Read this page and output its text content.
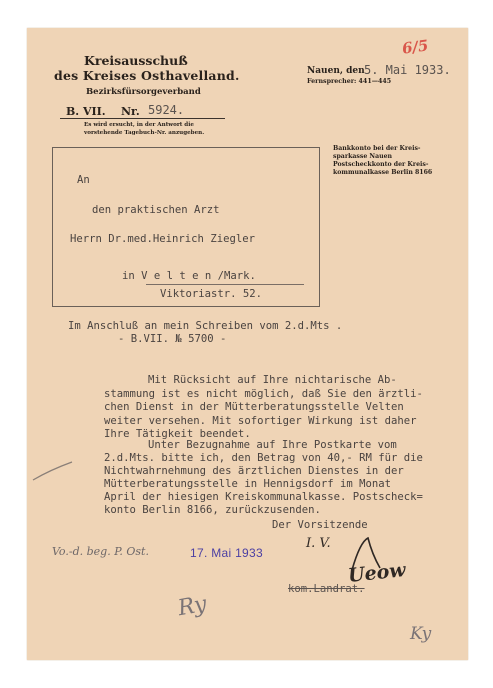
Kreisausschuß
des Kreises Osthavelland.
Bezirksfürsorgeverband
B. VII. Nr. 5924.
Es wird ersucht, in der Antwort die
vorstehende Tagebuch-Nr. anzugeben.
Nauen, den 5. Mai 1933.
Fernsprecher: 441—445
6/5
Bankkonto bei der Kreis-
sparkasse Nauen
Postscheckkonto der Kreis-
kommunalkasse Berlin 8166
An
den praktischen Arzt
Herrn Dr.med.Heinrich Ziegler
in V e l t e n /Mark.
Viktoriastr. 52.
Im Anschluß an mein Schreiben vom 2.d.Mts .
- B.VII. № 5700 -
Mit Rücksicht auf Ihre nichtarische Ab-
stammung ist es nicht möglich, daß Sie den ärztli-
chen Dienst in der Mütterberatungsstelle Velten
weiter versehen. Mit sofortiger Wirkung ist daher
Ihre Tätigkeit beendet.
Unter Bezugnahme auf Ihre Postkarte vom
2.d.Mts. bitte ich, den Betrag von 40,- RM für die
Nichtwahrnehmung des ärztlichen Dienstes in der
Mütterberatungsstelle in Hennigsdorf im Monat
April der hiesigen Kreiskommunalkasse. Postscheck=
konto Berlin 8166, zurückzusenden.
Der Vorsitzende
I. V.
Ueow
kom.Landrat.
Vo.-d. beg. P. Ost.	17. Mai 1933
Ry
Ky
